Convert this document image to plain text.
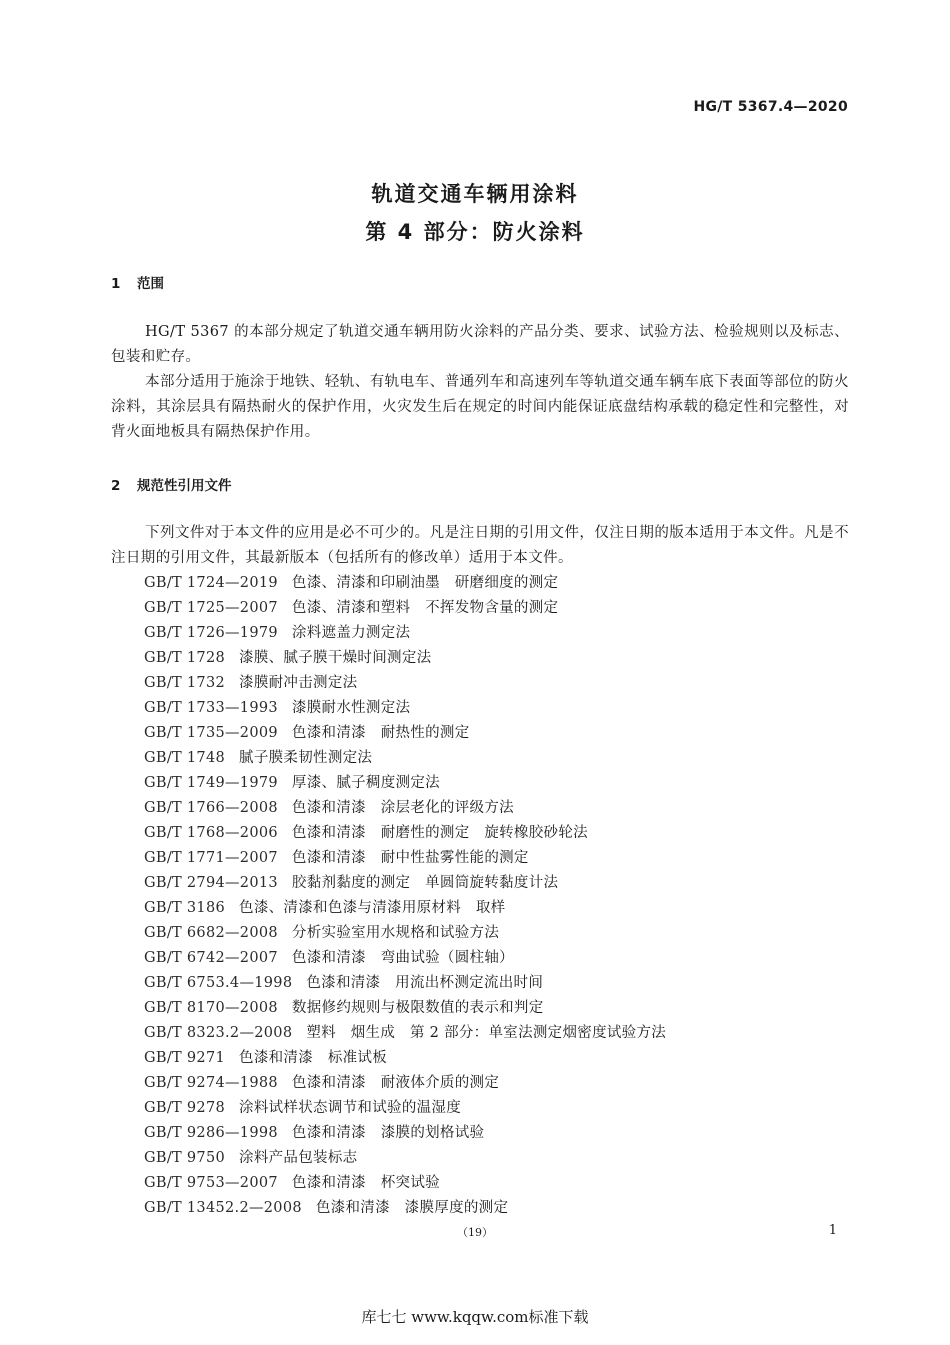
HG/T 5367.4—2020
轨道交通车辆用涂料
第 4 部分：防火涂料
1 范围
HG/T 5367 的本部分规定了轨道交通车辆用防火涂料的产品分类、要求、试验方法、检验规则以及标志、包装和贮存。
本部分适用于施涂于地铁、轻轨、有轨电车、普通列车和高速列车等轨道交通车辆车底下表面等部位的防火涂料，其涂层具有隔热耐火的保护作用，火灾发生后在规定的时间内能保证底盘结构承载的稳定性和完整性，对背火面地板具有隔热保护作用。
2 规范性引用文件
下列文件对于本文件的应用是必不可少的。凡是注日期的引用文件，仅注日期的版本适用于本文件。凡是不注日期的引用文件，其最新版本（包括所有的修改单）适用于本文件。
GB/T 1724—2019 色漆、清漆和印刷油墨　研磨细度的测定
GB/T 1725—2007 色漆、清漆和塑料　不挥发物含量的测定
GB/T 1726—1979 涂料遮盖力测定法
GB/T 1728 漆膜、腻子膜干燥时间测定法
GB/T 1732 漆膜耐冲击测定法
GB/T 1733—1993 漆膜耐水性测定法
GB/T 1735—2009 色漆和清漆　耐热性的测定
GB/T 1748 腻子膜柔韧性测定法
GB/T 1749—1979 厚漆、腻子稠度测定法
GB/T 1766—2008 色漆和清漆　涂层老化的评级方法
GB/T 1768—2006 色漆和清漆　耐磨性的测定　旋转橡胶砂轮法
GB/T 1771—2007 色漆和清漆　耐中性盐雾性能的测定
GB/T 2794—2013 胶黏剂黏度的测定　单圆筒旋转黏度计法
GB/T 3186 色漆、清漆和色漆与清漆用原材料　取样
GB/T 6682—2008 分析实验室用水规格和试验方法
GB/T 6742—2007 色漆和清漆　弯曲试验（圆柱轴）
GB/T 6753.4—1998 色漆和清漆　用流出杯测定流出时间
GB/T 8170—2008 数据修约规则与极限数值的表示和判定
GB/T 8323.2—2008 塑料　烟生成　第 2 部分：单室法测定烟密度试验方法
GB/T 9271 色漆和清漆　标准试板
GB/T 9274—1988 色漆和清漆　耐液体介质的测定
GB/T 9278 涂料试样状态调节和试验的温湿度
GB/T 9286—1998 色漆和清漆　漆膜的划格试验
GB/T 9750 涂料产品包装标志
GB/T 9753—2007 色漆和清漆　杯突试验
GB/T 13452.2—2008 色漆和清漆　漆膜厚度的测定
（19）	1
库七七 www.kqqw.com标准下载
